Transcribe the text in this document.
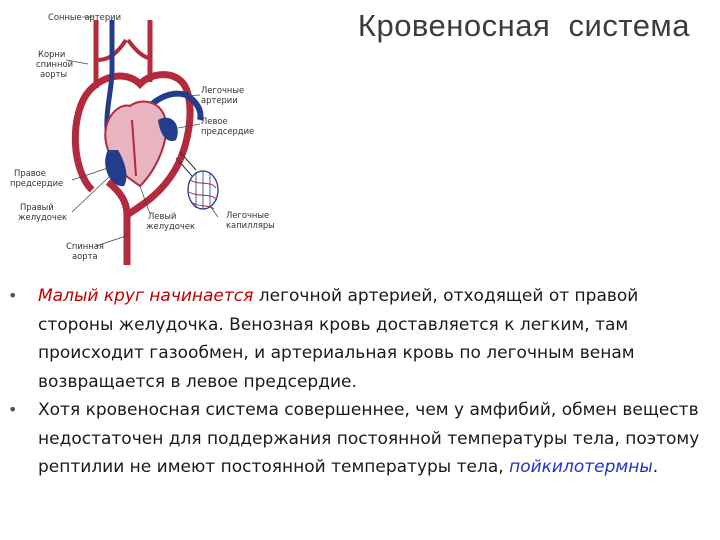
Кровеносная  система
Сонные артерии
Корни
спинной
аорты
Легочные
артерии
Левое
предсердие
Правое
предсердие
Правый
желудочек	Левый
желудочек
Легочные
капилляры
Спинная
аорта
• Малый круг начинается легочной артерией, отходящей от правой стороны желудочка. Венозная кровь доставляется к легким, там происходит газообмен, и артериальная кровь по легочным венам возвращается в левое предсердие.
• Хотя кровеносная система совершеннее, чем у амфибий, обмен веществ недостаточен для поддержания постоянной температуры тела, поэтому рептилии не имеют постоянной температуры тела, пойкилотермны.
